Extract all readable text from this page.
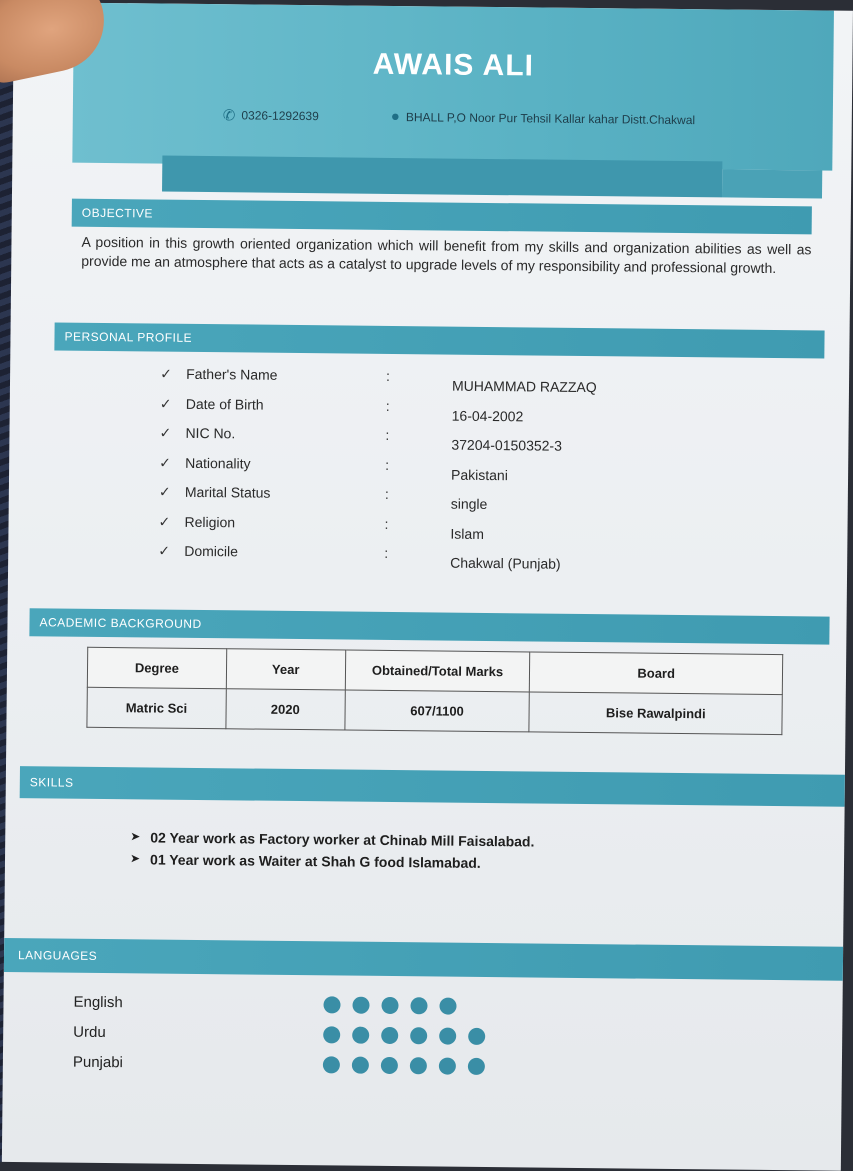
AWAIS ALI
✆ 0326-1292639	● BHALL P,O Noor Pur Tehsil Kallar kahar Distt.Chakwal
OBJECTIVE
A position in this growth oriented organization which will benefit from my skills and organization abilities as well as provide me an atmosphere that acts as a catalyst to upgrade levels of my responsibility and professional growth.
PERSONAL PROFILE
✓	Father's Name	:
MUHAMMAD RAZZAQ
✓	Date of Birth	:
16-04-2002
✓	NIC No.	:
37204-0150352-3
✓	Nationality	:
Pakistani
✓	Marital Status	:
single
✓	Religion	:
Islam
✓	Domicile	:
Chakwal (Punjab)
ACADEMIC BACKGROUND
Degree	Year	Obtained/Total Marks	Board
Matric Sci	2020	607/1100	Bise Rawalpindi
SKILLS
➤ 02 Year work as Factory worker at Chinab Mill Faisalabad.
➤ 01 Year work as Waiter at Shah G food Islamabad.
LANGUAGES
English
Urdu
Punjabi
